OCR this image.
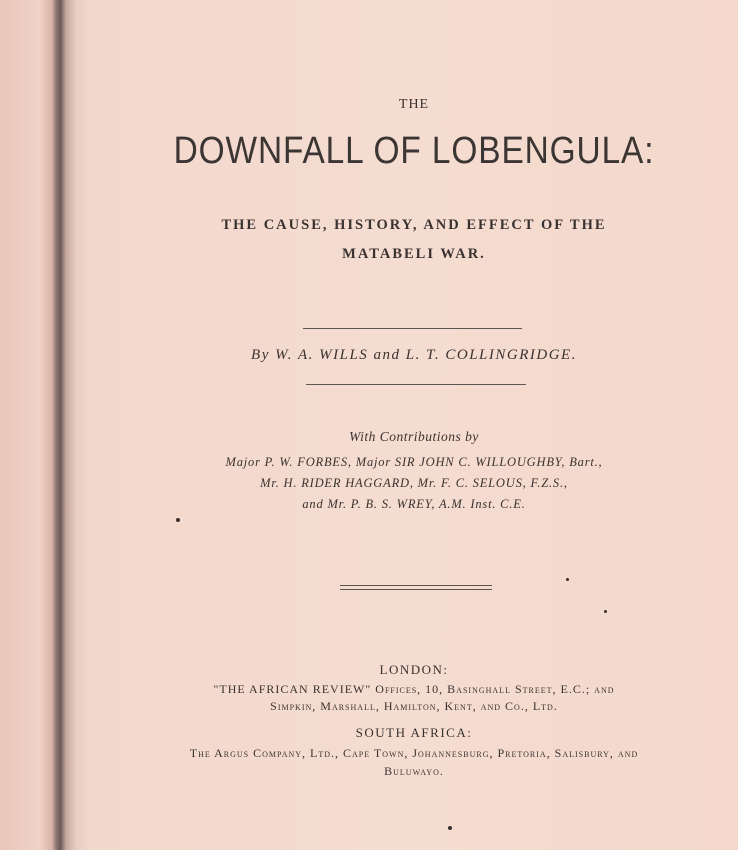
THE
DOWNFALL OF LOBENGULA:
THE CAUSE, HISTORY, AND EFFECT OF THE
MATABELI WAR.
By W. A. WILLS and L. T. COLLINGRIDGE.
With Contributions by
Major P. W. FORBES, Major SIR JOHN C. WILLOUGHBY, Bart.,
Mr. H. RIDER HAGGARD, Mr. F. C. SELOUS, F.Z.S.,
and Mr. P. B. S. WREY, A.M. Inst. C.E.
LONDON:
"THE AFRICAN REVIEW" Offices, 10, Basinghall Street, E.C.; and
Simpkin, Marshall, Hamilton, Kent, and Co., Ltd.
SOUTH AFRICA:
The Argus Company, Ltd., Cape Town, Johannesburg, Pretoria, Salisbury, and
Buluwayo.
